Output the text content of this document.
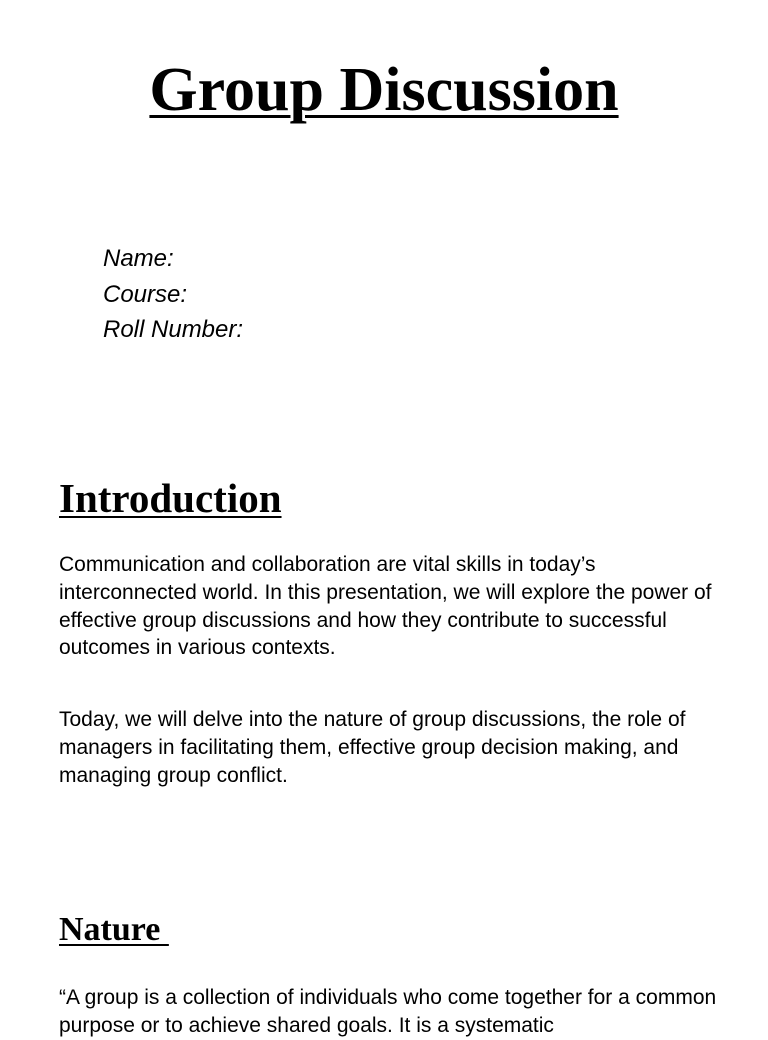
Group Discussion
Name:
Course:
Roll Number:
Introduction

Communication and collaboration are vital skills in today’s interconnected world. In this presentation, we will explore the power of effective group discussions and how they contribute to successful outcomes in various contexts.

Today, we will delve into the nature of group discussions, the role of managers in facilitating them, effective group decision making, and managing group conflict.

Nature

“A group is a collection of individuals who come together for a common purpose or to achieve shared goals. It is a systematic
